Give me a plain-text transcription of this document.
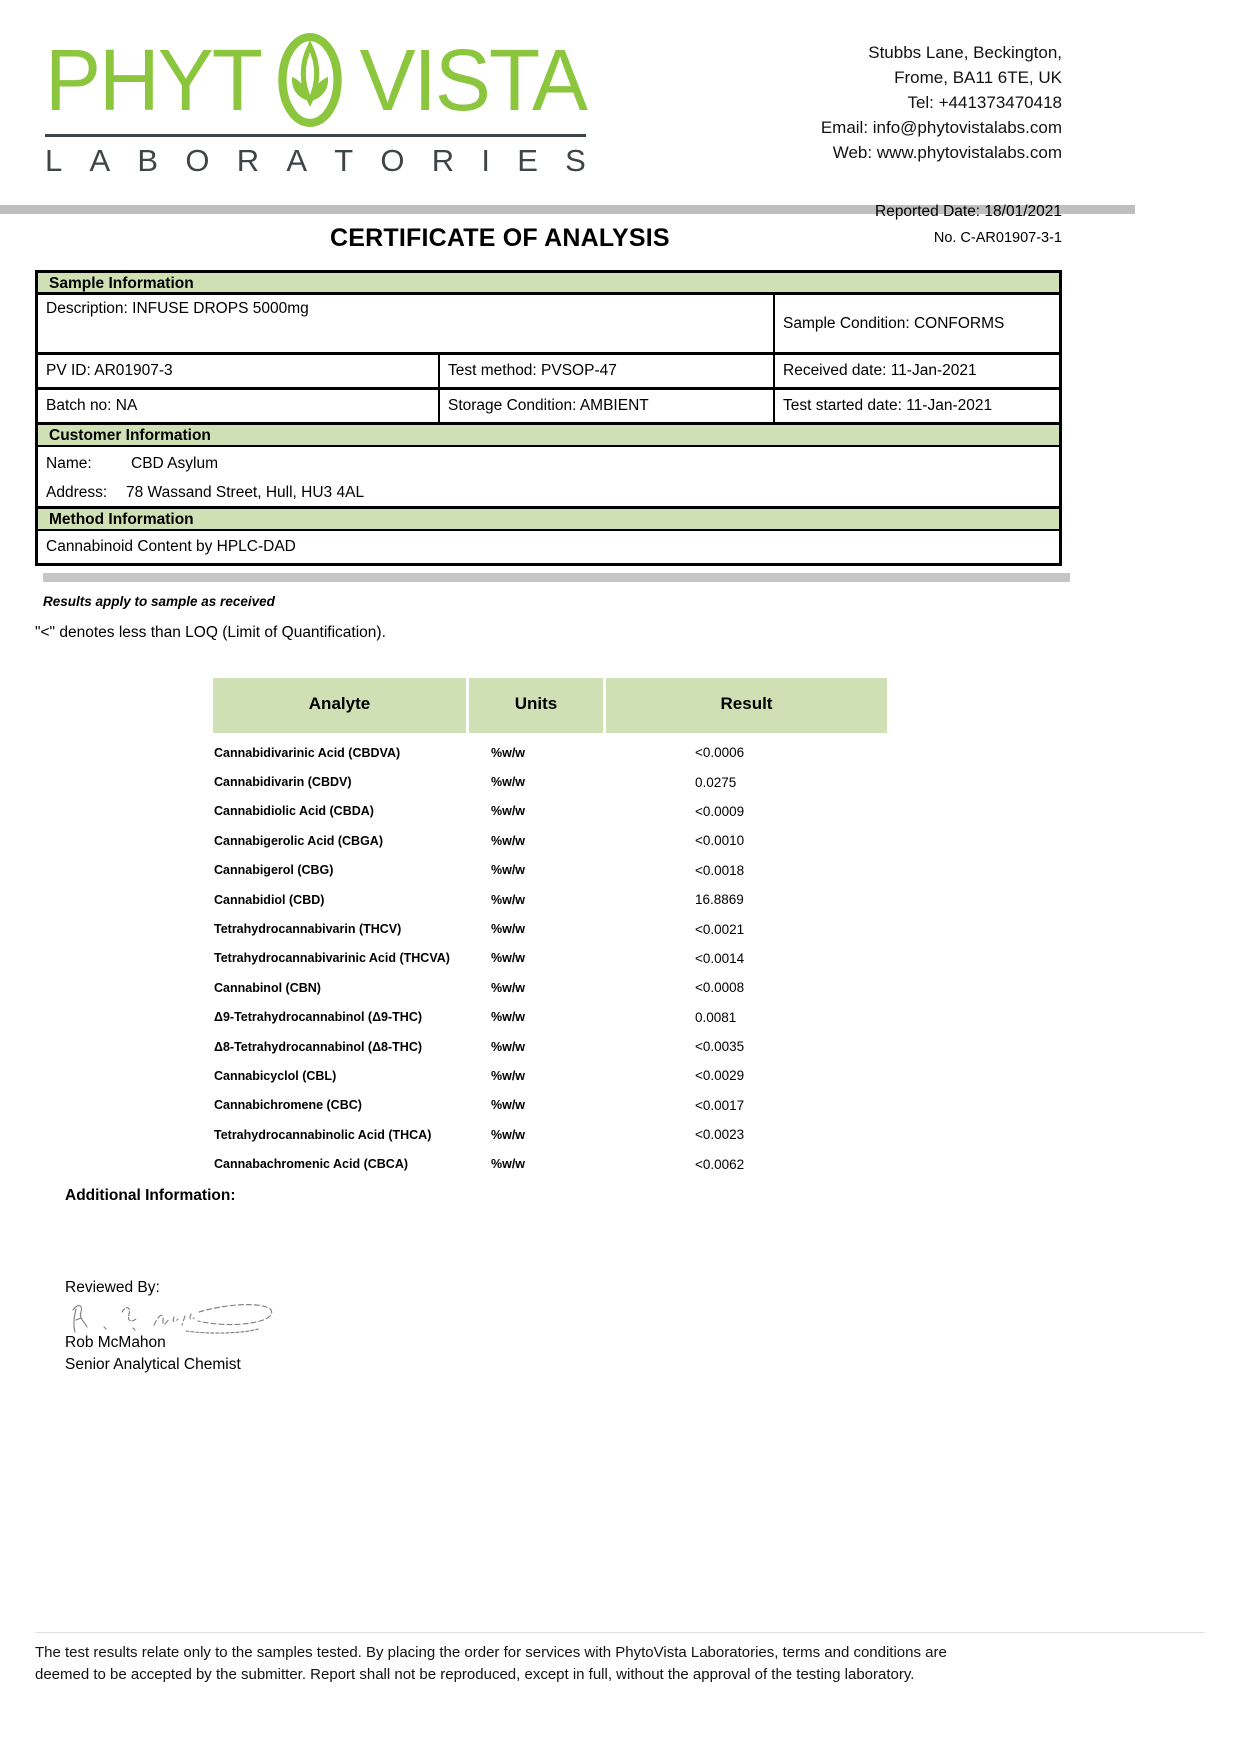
PHYT VISTA
L A B O R A T O R I E S
Stubbs Lane, Beckington,
Frome, BA11 6TE, UK
Tel: +441373470418
Email: info@phytovistalabs.com
Web: www.phytovistalabs.com
Reported Date: 18/01/2021
No. C-AR01907-3-1
CERTIFICATE OF ANALYSIS
Sample Information
Description: INFUSE DROPS 5000mg
Sample Condition: CONFORMS
PV ID: AR01907-3	Test method: PVSOP-47	Received date: 11-Jan-2021
Batch no: NA	Storage Condition: AMBIENT	Test started date: 11-Jan-2021
Customer Information
Name:	CBD Asylum
Address: 78 Wassand Street, Hull, HU3 4AL
Method Information
Cannabinoid Content by HPLC-DAD
Results apply to sample as received
"<" denotes less than LOQ (Limit of Quantification).
Analyte	Units	Result
Cannabidivarinic Acid (CBDVA)	%w/w	<0.0006
Cannabidivarin (CBDV)	%w/w	0.0275
Cannabidiolic Acid (CBDA)	%w/w	<0.0009
Cannabigerolic Acid (CBGA)	%w/w	<0.0010
Cannabigerol (CBG)	%w/w	<0.0018
Cannabidiol (CBD)	%w/w	16.8869
Tetrahydrocannabivarin (THCV)	%w/w	<0.0021
Tetrahydrocannabivarinic Acid (THCVA)	%w/w	<0.0014
Cannabinol (CBN)	%w/w	<0.0008
Δ9-Tetrahydrocannabinol (Δ9-THC)	%w/w	0.0081
Δ8-Tetrahydrocannabinol (Δ8-THC)	%w/w	<0.0035
Cannabicyclol (CBL)	%w/w	<0.0029
Cannabichromene (CBC)	%w/w	<0.0017
Tetrahydrocannabinolic Acid (THCA)	%w/w	<0.0023
Cannabachromenic Acid (CBCA)	%w/w	<0.0062
Additional Information:
Reviewed By:
Rob McMahon
Senior Analytical Chemist
The test results relate only to the samples tested. By placing the order for services with PhytoVista Laboratories, terms and conditions are
deemed to be accepted by the submitter. Report shall not be reproduced, except in full, without the approval of the testing laboratory.
